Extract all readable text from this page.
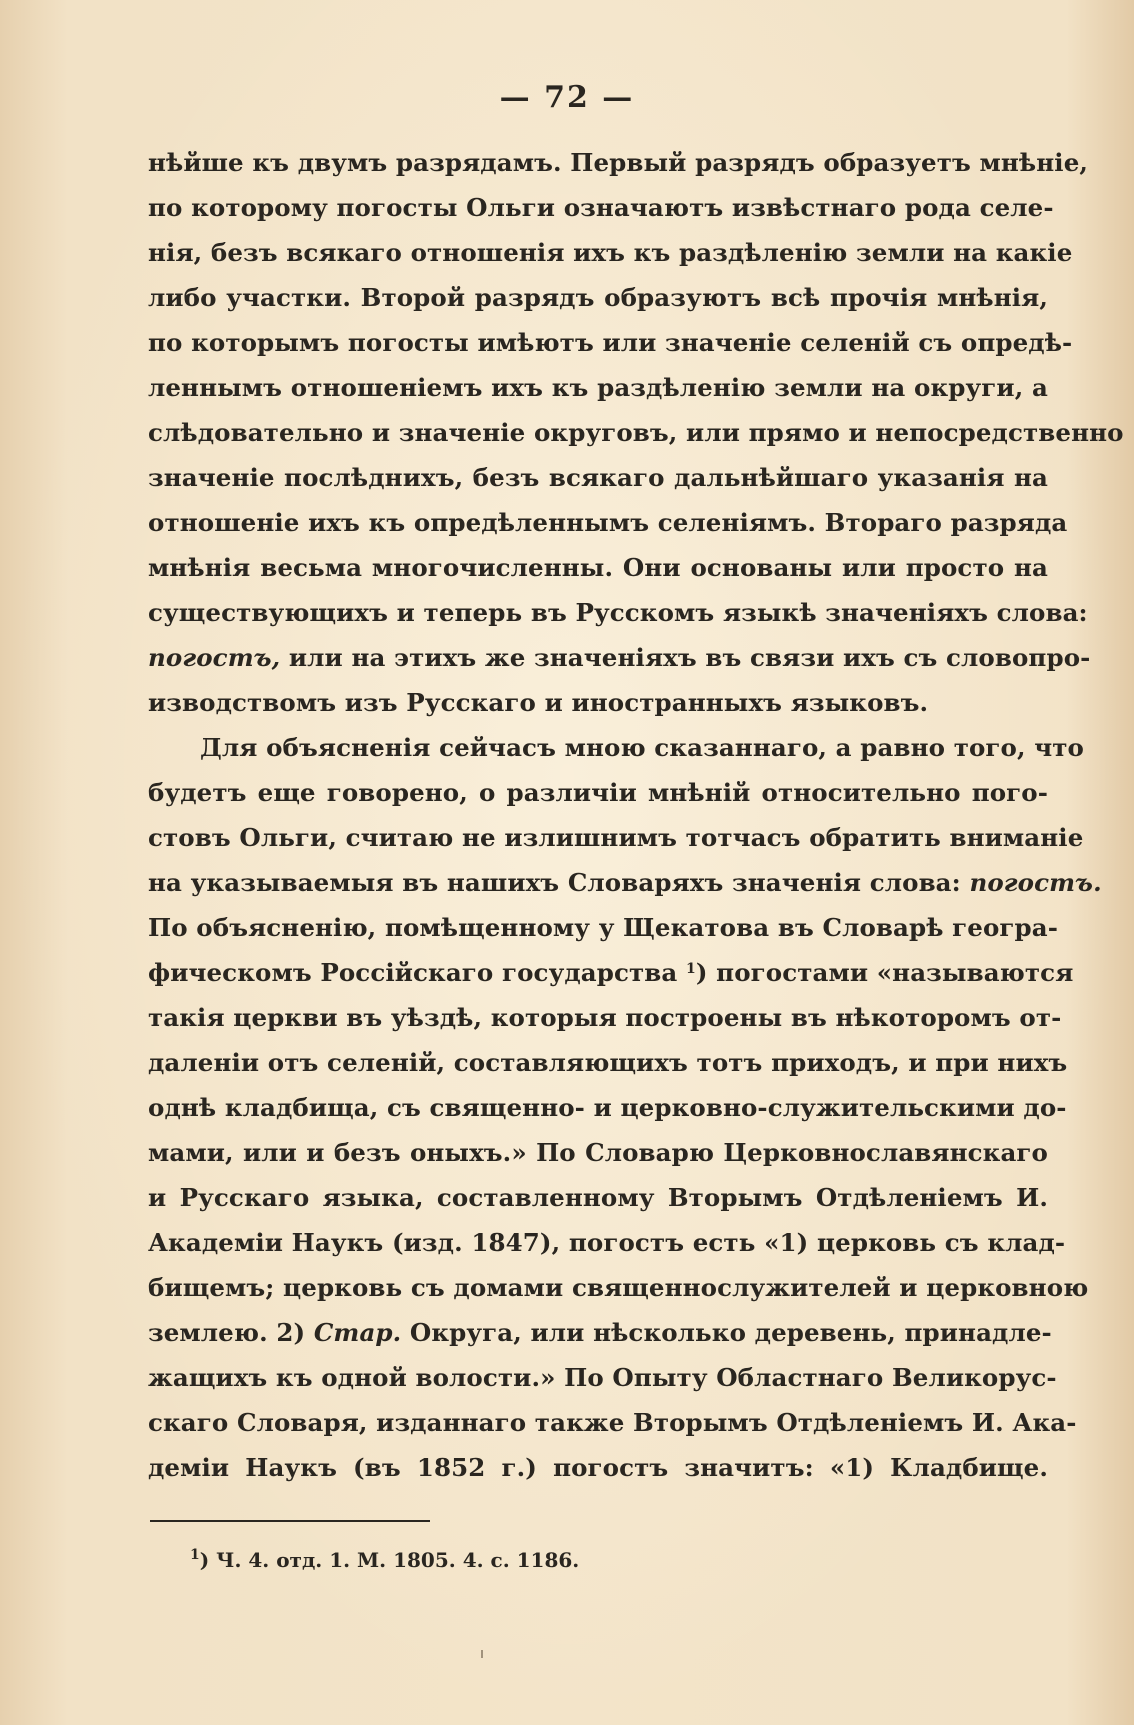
— 72 —
нѣйше къ двумъ разрядамъ. Первый разрядъ образуетъ мнѣніе,
по которому погосты Ольги означаютъ извѣстнаго рода селе-
нія, безъ всякаго отношенія ихъ къ раздѣленію земли на какіе
либо участки. Второй разрядъ образуютъ всѣ прочія мнѣнія,
по которымъ погосты имѣютъ или значеніе селеній съ опредѣ-
леннымъ отношеніемъ ихъ къ раздѣленію земли на округи, а
слѣдовательно и значеніе округовъ, или прямо и непосредственно
значеніе послѣднихъ, безъ всякаго дальнѣйшаго указанія на
отношеніе ихъ къ опредѣленнымъ селеніямъ. Втораго разряда
мнѣнія весьма многочисленны. Они основаны или просто на
существующихъ и теперь въ Русскомъ языкѣ значеніяхъ слова:
погостъ, или на этихъ же значеніяхъ въ связи ихъ съ словопро-
изводствомъ изъ Русскаго и иностранныхъ языковъ.
Для объясненія сейчасъ мною сказаннаго, а равно того, что
будетъ еще говорено, о различіи мнѣній относительно пого-
стовъ Ольги, считаю не излишнимъ тотчасъ обратить вниманіе
на указываемыя въ нашихъ Словаряхъ значенія слова: погостъ.
По объясненію, помѣщенному у Щекатова въ Словарѣ геогра-
фическомъ Россійскаго государства $^1$) погостами «называются
такія церкви въ уѣздѣ, которыя построены въ нѣкоторомъ от-
даленіи отъ селеній, составляющихъ тотъ приходъ, и при нихъ
однѣ кладбища, съ священно- и церковно-служительскими до-
мами, или и безъ оныхъ.» По Словарю Церковнославянскаго
и Русскаго языка, составленному Вторымъ Отдѣленіемъ И.
Академіи Наукъ (изд. 1847), погостъ есть «1) церковь съ клад-
бищемъ; церковь съ домами священнослужителей и церковною
землею. 2) Стар. Округа, или нѣсколько деревень, принадле-
жащихъ къ одной волости.» По Опыту Областнаго Великорус-
скаго Словаря, изданнаго также Вторымъ Отдѣленіемъ И. Ака-
деміи Наукъ (въ 1852 г.) погостъ значитъ: «1) Кладбище.
$^1$) Ч. 4. отд. 1. М. 1805. 4. с. 1186.
